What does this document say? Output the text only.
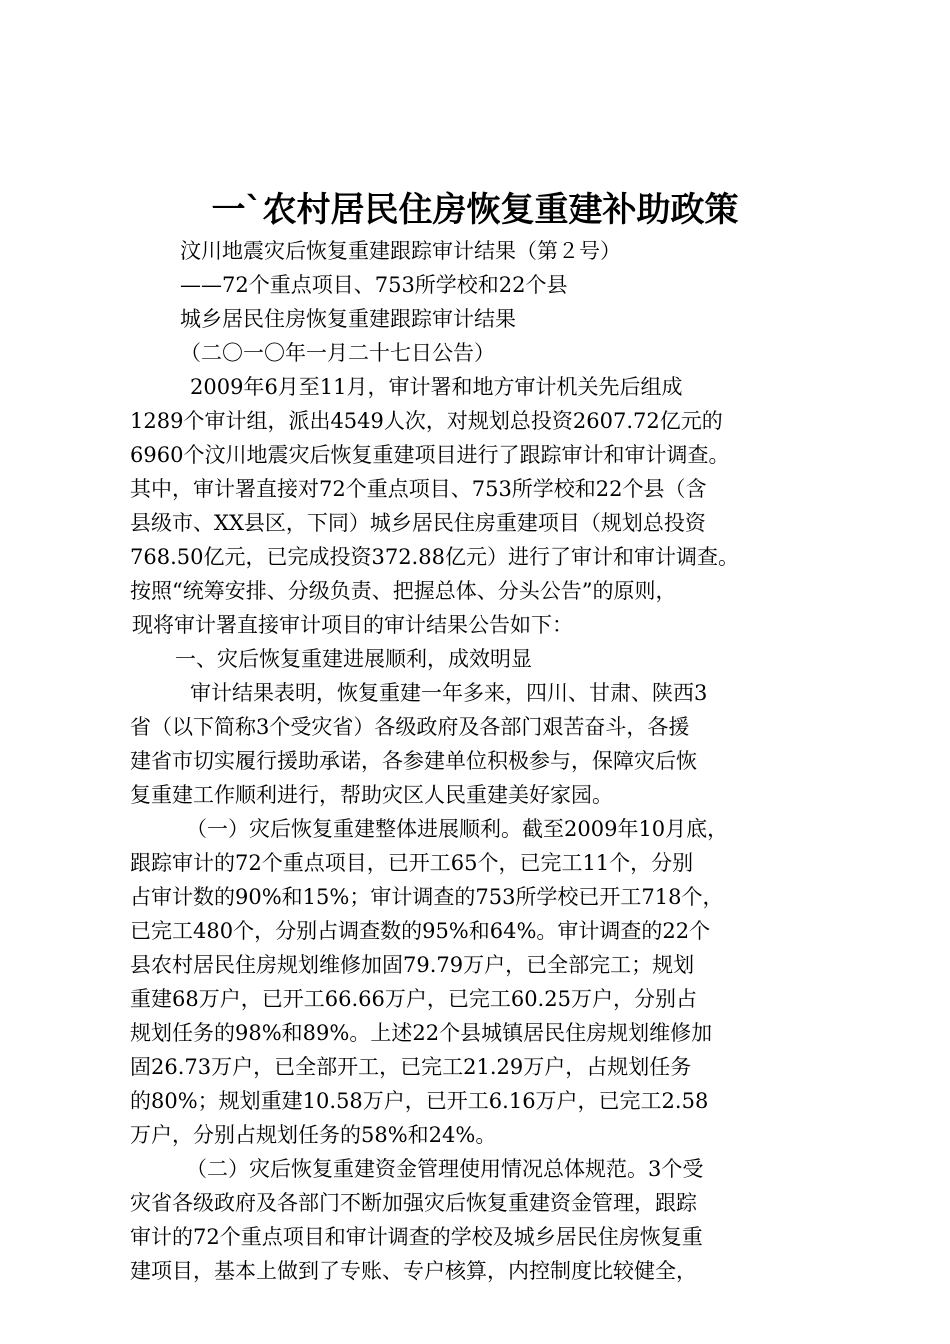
一`农村居民住房恢复重建补助政策
汶川地震灾后恢复重建跟踪审计结果（第２号）
——72个重点项目、753所学校和22个县
城乡居民住房恢复重建跟踪审计结果
（二〇一〇年一月二十七日公告）
2009年6月至11月，审计署和地方审计机关先后组成
1289个审计组，派出4549人次，对规划总投资2607.72亿元的
6960个汶川地震灾后恢复重建项目进行了跟踪审计和审计调查。
其中，审计署直接对72个重点项目、753所学校和22个县（含
县级市、XX县区，下同）城乡居民住房重建项目（规划总投资
768.50亿元，已完成投资372.88亿元）进行了审计和审计调查。
按照“统筹安排、分级负责、把握总体、分头公告”的原则，
现将审计署直接审计项目的审计结果公告如下：
一、灾后恢复重建进展顺利，成效明显
审计结果表明，恢复重建一年多来，四川、甘肃、陕西3
省（以下简称3个受灾省）各级政府及各部门艰苦奋斗，各援
建省市切实履行援助承诺，各参建单位积极参与，保障灾后恢
复重建工作顺利进行，帮助灾区人民重建美好家园。
（一）灾后恢复重建整体进展顺利。截至2009年10月底，
跟踪审计的72个重点项目，已开工65个，已完工11个，分别
占审计数的90%和15%；审计调查的753所学校已开工718个，
已完工480个，分别占调查数的95%和64%。审计调查的22个
县农村居民住房规划维修加固79.79万户，已全部完工；规划
重建68万户，已开工66.66万户，已完工60.25万户，分别占
规划任务的98%和89%。上述22个县城镇居民住房规划维修加
固26.73万户，已全部开工，已完工21.29万户，占规划任务
的80%；规划重建10.58万户，已开工6.16万户，已完工2.58
万户，分别占规划任务的58%和24%。
（二）灾后恢复重建资金管理使用情况总体规范。3个受
灾省各级政府及各部门不断加强灾后恢复重建资金管理，跟踪
审计的72个重点项目和审计调查的学校及城乡居民住房恢复重
建项目，基本上做到了专账、专户核算，内控制度比较健全，
